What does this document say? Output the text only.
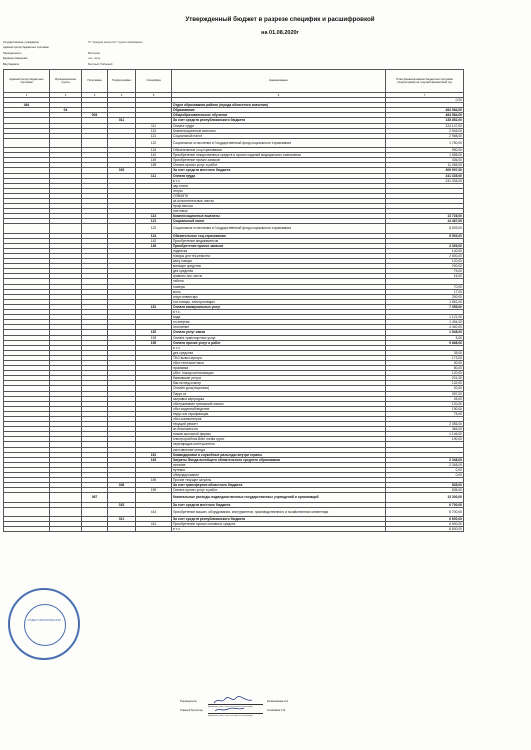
Утвержденный бюджет в разрезе специфик и расшифровкой
на 01.08.2020г
Государственное учреждение	ГУ "Средняя школа №7" отдела образования
Администратор бюджетных программ
Периодичность	Месячная
Единица измерения	тыс. тенге
Вид бюджета	Местный, Районный
Администратор бюджетных программ	Функциональная группа	Программа	Подпрограмма	Специфика	Наименование	План финансирования бюджетных программ (подпрограмм) на текущий финансовый год
1	2	3	4	5	6	7
						0,00
464					Отдел образования района (города областного значения)	
	04				Образование	464 984,00
		003			Общеобразовательное обучение	464 984,00
			011		За счет средств республиканского бюджета	145 852,00
				111	Оплата труда	124 147,00
				113	Компенсационные выплаты	2 945,00
				121	Социальный налог	2 968,00
				122	Социальные отчисления в Государственный фонд социального страхования	1 750,00
				124	Обязательные соц.страхования	990,00
				142	Приобретение лекарственных средств и прочих изделий медицинского назначения	1 598,00
				149	Приобретение прочих запасов	336,00
				159	Оплата прочих услуг и работ	11 065,00
			015		За счет средств местного бюджета	309 997,00
				111	Оплата труда	241 335,00
					в т.ч.	241 335,00
					зар.плата	
					отпуск	
					ОПВ/ИПН	
					за исполнительные листки	
					проф.взносы	
					почтовые	
				113	Компенсационные выплаты	13 728,00
				121	Социальный налог	14 467,00
				122	Социальные отчисления в Государственный фонд социального страхования	8 533,00
				124	Обязательные соц.страхования	5 503,00
				142	Приобретение медикаментов	
				149	Приобретение прочих запасов	4 339,00
					подписка	140,00
					товары для тек.ремонта	2 600,00
					канц.товары	120,00
					моющие средства	200,00
					дез.средства	75,00
					грамоты,пох.листы	16,00
					табели	
					номеры	70,00
					моль	17,00
					спорт.инвентарь	200,00
					хоз.товары, электротовары	1 561,00
				151	Оплата коммунальных услуг	7 055,00
					в т.ч.	
					вода	1 121,00
					эл.энергия	1 494,00
					отопление	4 440,00
				152	Оплата услуг связи	1 548,00
				153	Оплата транспортных услуг	5,00
				159	Оплата прочих услуг и работ	5 668,00
					в т.ч.	
					дез.средства	35,00
					ТБО вывоз мусора	173,00
					обсл.теплоконтчика	30,00
					промывка	80,00
					обсл. пожар.сигнализации	120,00
					банковские услуги	201,00
					бак.пи мед.осмотр	132,00
					Онлайн урок(лицензия)	20,00
					Парус кз	397,00
					заправка картриджа	45,00
					обслуживание тревожной кнопки	120,00
					обсл.видеонаблюдения	190,00
					парус кзк тарификация	75,00
					обсл.компьютеров	
					текущий ремонт	2 356,00
					зн.безопасности	366,00
					пошив школьной формы	1 146,00
					электроучебник Bilim media групп	190,00
					перезарядка огнетушителя	
					изготовление стенда	
				161	Командировки и служебные разъезды внутри страны	
				163	Затраты Фонда всеобщего обязательного среднего образования	2 348,00
					питание	2 348,00
					путевка	0,00
					обмундирование	0,00
				169	Прочие текущие затраты	
			028		За счет трансфертов областного бюджета	835,00
				159	Оплата прочих услуг и работ	835,00
		067			Капитальные расходы подведомственных государственных учреждений и организаций	13 300,00
			015		За счет средств местного бюджета	6 700,00
				414	Приобретение машин, оборудования, инструментов, производственного и хозяйственного инвентаря	6 700,00
			011		За счет средств республиканского бюджета	6 600,00
				414	Приобретение прочих основных средств	6 600,00
					в т.ч.	6 600,00
ОТДЕЛ ОБРАЗОВАНИЯ
Руководитель	Калмаханова Н.А.
(фамилия, имя, отчество (при его наличии))
Главный бухгалтер	Ушкибаева Г.Ж.
(фамилия, имя, отчество (при его наличии))
